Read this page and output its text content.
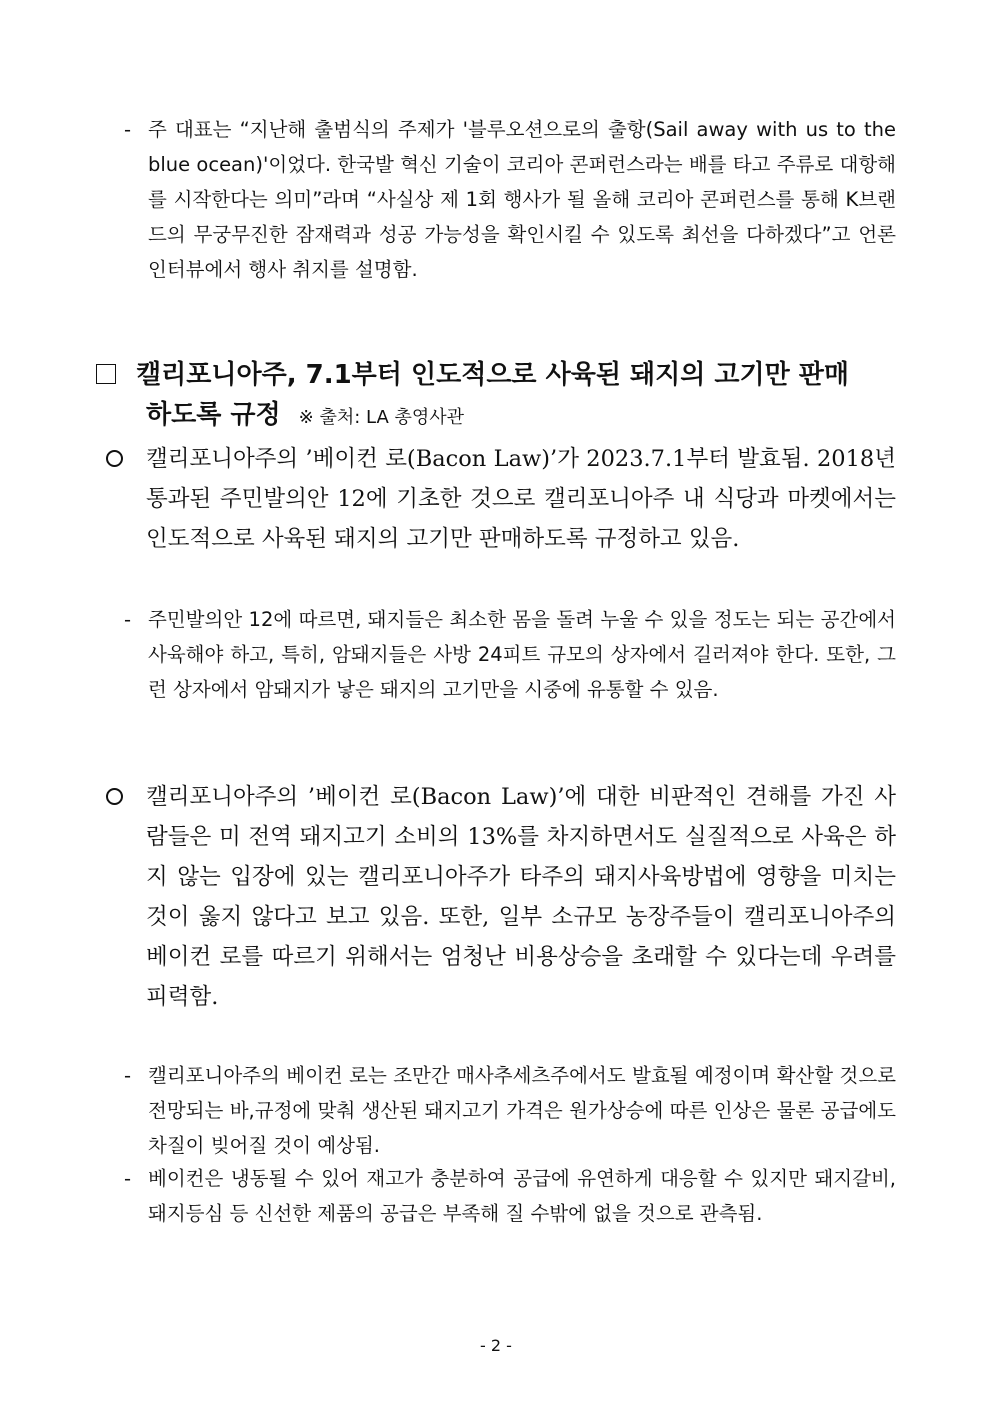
- 주 대표는 “지난해 출범식의 주제가 '블루오션으로의 출항(Sail away with us to the blue ocean)'이었다. 한국발 혁신 기술이 코리아 콘퍼런스라는 배를 타고 주류로 대항해를 시작한다는 의미”라며 “사실상 제 1회 행사가 될 올해 코리아 콘퍼런스를 통해 K브랜드의 무궁무진한 잠재력과 성공 가능성을 확인시킬 수 있도록 최선을 다하겠다”고 언론인터뷰에서 행사 취지를 설명함.
캘리포니아주, 7.1부터 인도적으로 사육된 돼지의 고기만 판매
하도록 규정 ※ 출처: LA 총영사관
캘리포니아주의 ’베이컨 로(Bacon Law)’가 2023.7.1부터 발효됨. 2018년 통과된 주민발의안 12에 기초한 것으로 캘리포니아주 내 식당과 마켓에서는 인도적으로 사육된 돼지의 고기만 판매하도록 규정하고 있음.
- 주민발의안 12에 따르면, 돼지들은 최소한 몸을 돌려 누울 수 있을 정도는 되는 공간에서 사육해야 하고, 특히, 암돼지들은 사방 24피트 규모의 상자에서 길러져야 한다. 또한, 그런 상자에서 암돼지가 낳은 돼지의 고기만을 시중에 유통할 수 있음.
캘리포니아주의 ’베이컨 로(Bacon Law)’에 대한 비판적인 견해를 가진 사람들은 미 전역 돼지고기 소비의 13%를 차지하면서도 실질적으로 사육은 하지 않는 입장에 있는 캘리포니아주가 타주의 돼지사육방법에 영향을 미치는 것이 옳지 않다고 보고 있음. 또한, 일부 소규모 농장주들이 캘리포니아주의 베이컨 로를 따르기 위해서는 엄청난 비용상승을 초래할 수 있다는데 우려를 피력함.
- 캘리포니아주의 베이컨 로는 조만간 매사추세츠주에서도 발효될 예정이며 확산할 것으로 전망되는 바,규정에 맞춰 생산된 돼지고기 가격은 원가상승에 따른 인상은 물론 공급에도 차질이 빚어질 것이 예상됨.
- 베이컨은 냉동될 수 있어 재고가 충분하여 공급에 유연하게 대응할 수 있지만 돼지갈비, 돼지등심 등 신선한 제품의 공급은 부족해 질 수밖에 없을 것으로 관측됨.
- 2 -
